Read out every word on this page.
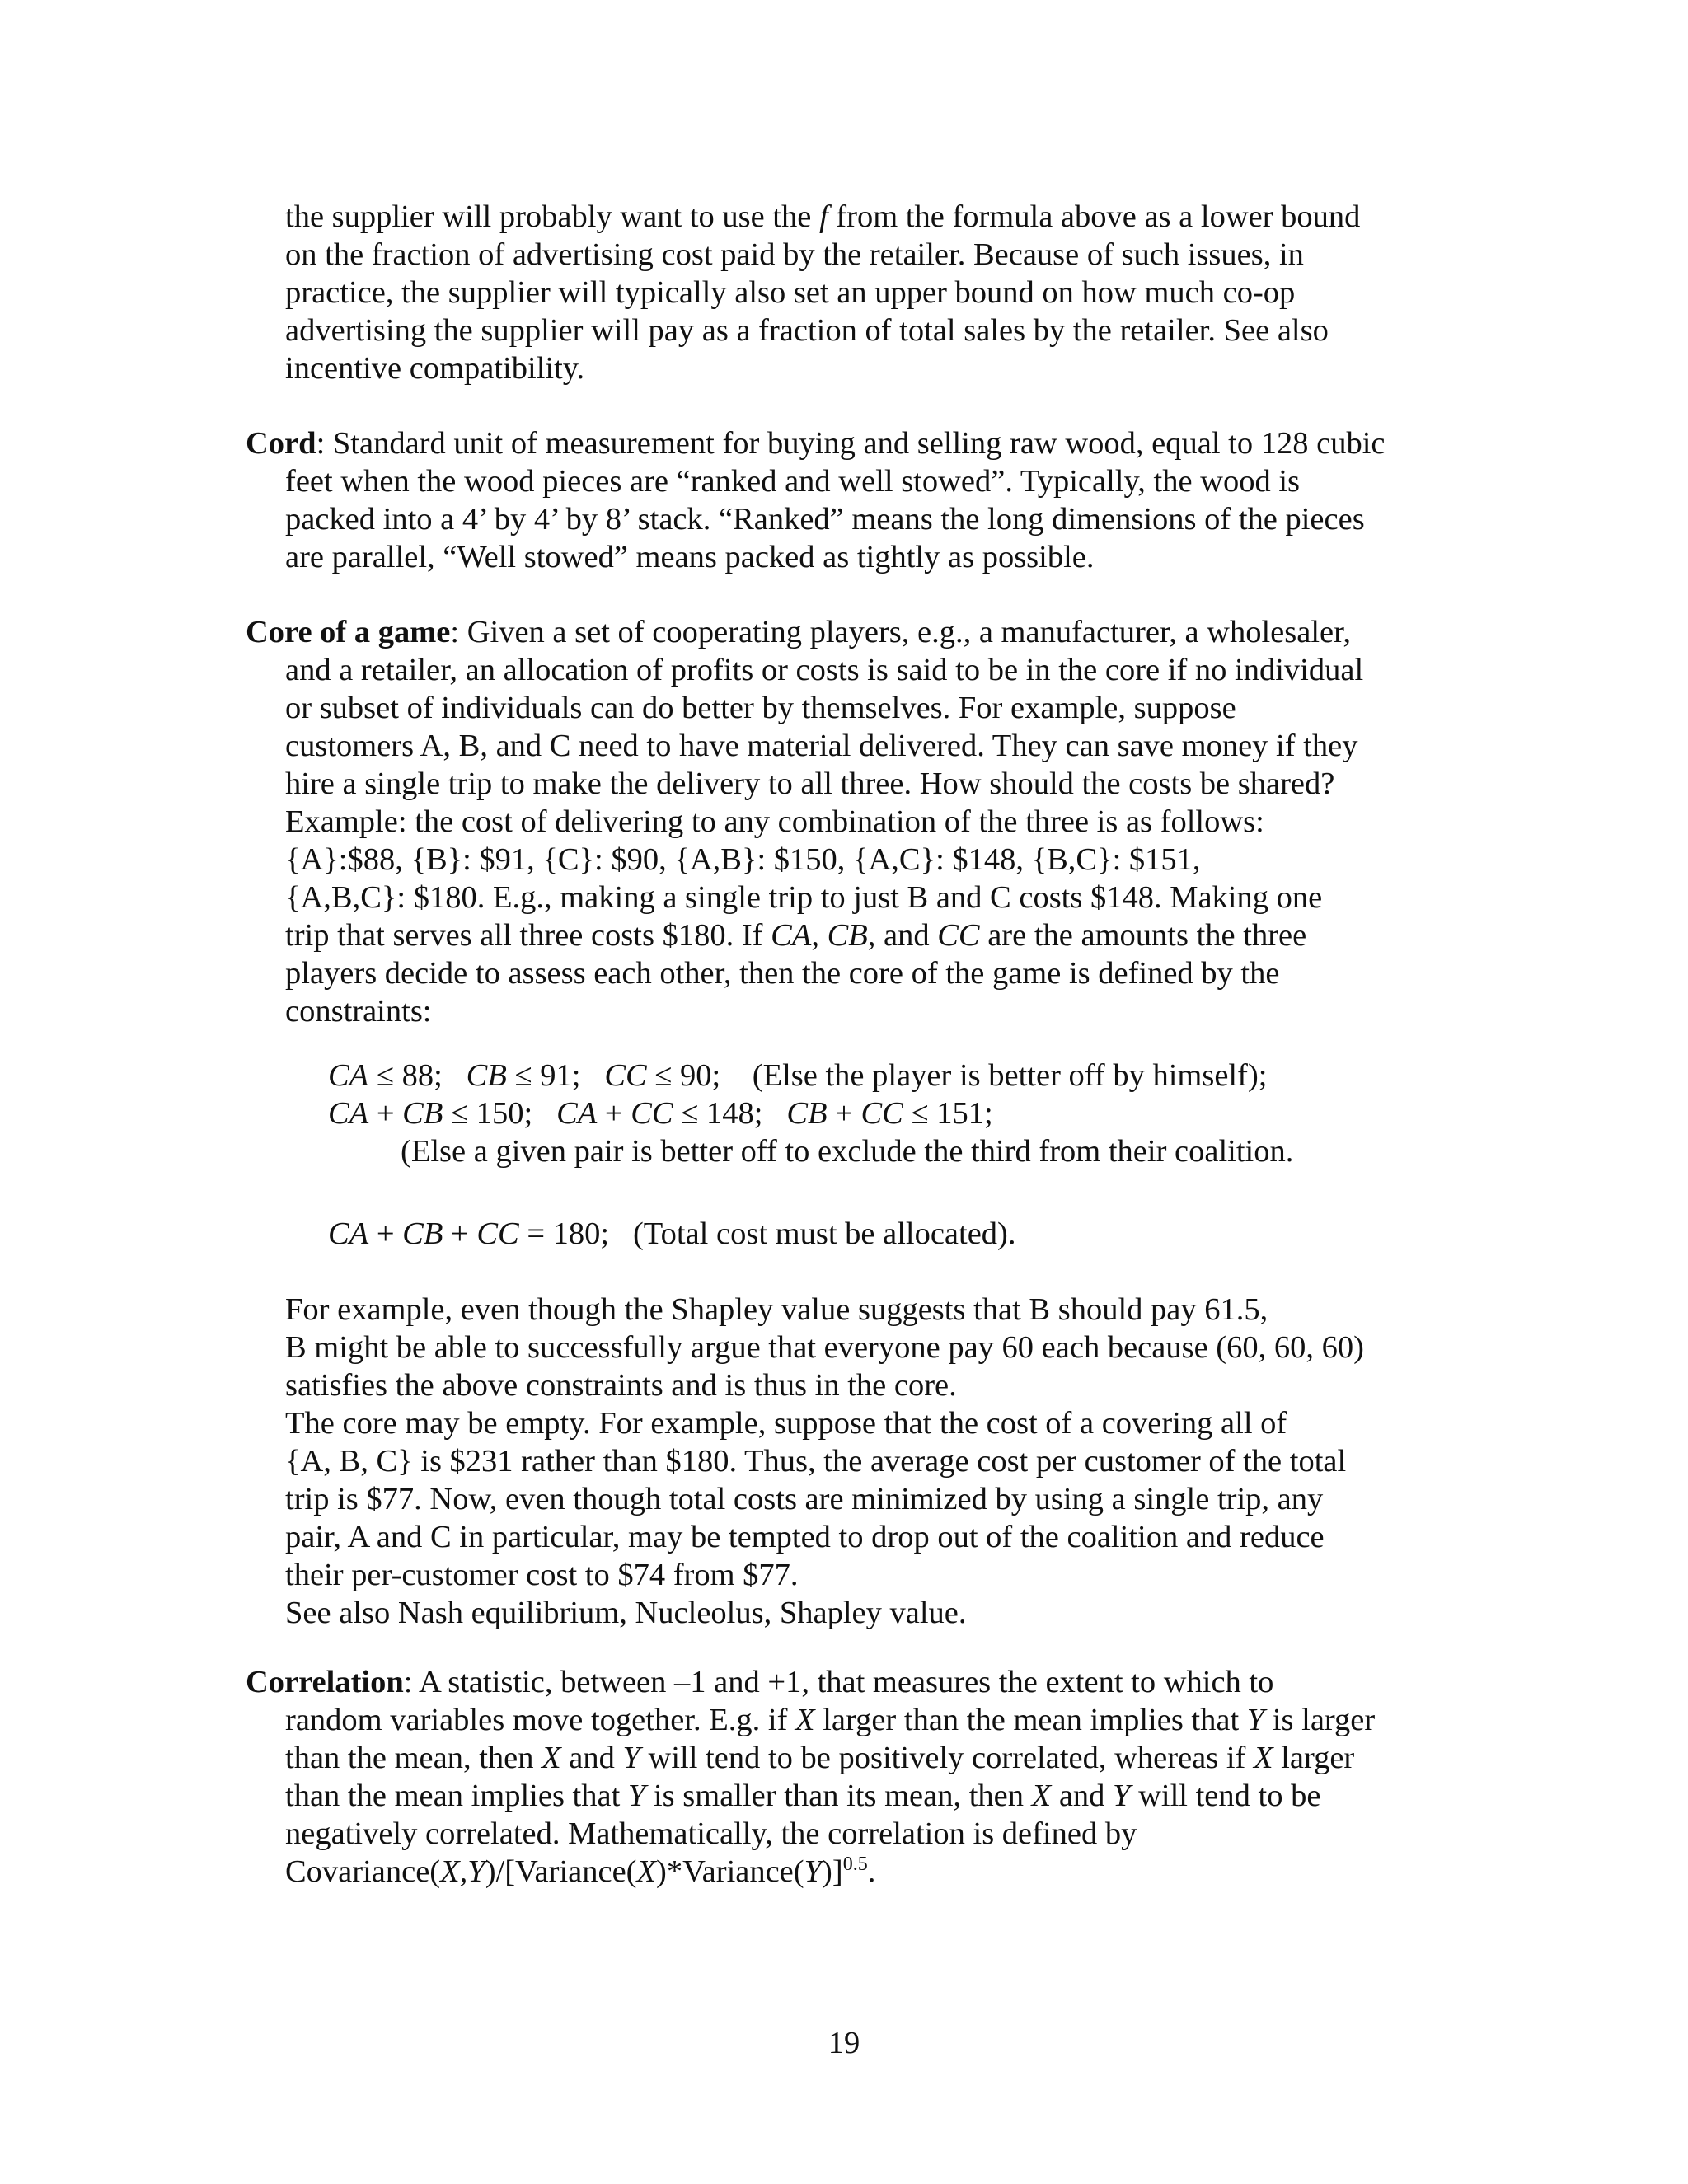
the supplier will probably want to use the f from the formula above as a lower bound
on the fraction of advertising cost paid by the retailer. Because of such issues, in
practice, the supplier will typically also set an upper bound on how much co-op
advertising the supplier will pay as a fraction of total sales by the retailer. See also
incentive compatibility.
Cord: Standard unit of measurement for buying and selling raw wood, equal to 128 cubic
feet when the wood pieces are “ranked and well stowed”. Typically, the wood is
packed into a 4’ by 4’ by 8’ stack. “Ranked” means the long dimensions of the pieces
are parallel, “Well stowed” means packed as tightly as possible.
Core of a game: Given a set of cooperating players, e.g., a manufacturer, a wholesaler,
and a retailer, an allocation of profits or costs is said to be in the core if no individual
or subset of individuals can do better by themselves. For example, suppose
customers A, B, and C need to have material delivered. They can save money if they
hire a single trip to make the delivery to all three. How should the costs be shared?
Example: the cost of delivering to any combination of the three is as follows:
{A}:$88, {B}: $91, {C}: $90, {A,B}: $150, {A,C}: $148, {B,C}: $151,
{A,B,C}: $180. E.g., making a single trip to just B and C costs $148. Making one
trip that serves all three costs $180. If CA, CB, and CC are the amounts the three
players decide to assess each other, then the core of the game is defined by the
constraints:
CA ≤ 88;   CB ≤ 91;   CC ≤ 90;    (Else the player is better off by himself);
CA + CB ≤ 150;   CA + CC ≤ 148;   CB + CC ≤ 151;
(Else a given pair is better off to exclude the third from their coalition.
CA + CB + CC = 180;   (Total cost must be allocated).
For example, even though the Shapley value suggests that B should pay 61.5,
B might be able to successfully argue that everyone pay 60 each because (60, 60, 60)
satisfies the above constraints and is thus in the core.
The core may be empty. For example, suppose that the cost of a covering all of
{A, B, C} is $231 rather than $180. Thus, the average cost per customer of the total
trip is $77. Now, even though total costs are minimized by using a single trip, any
pair, A and C in particular, may be tempted to drop out of the coalition and reduce
their per-customer cost to $74 from $77.
See also Nash equilibrium, Nucleolus, Shapley value.
Correlation: A statistic, between –1 and +1, that measures the extent to which to
random variables move together. E.g. if X larger than the mean implies that Y is larger
than the mean, then X and Y will tend to be positively correlated, whereas if X larger
than the mean implies that Y is smaller than its mean, then X and Y will tend to be
negatively correlated. Mathematically, the correlation is defined by
Covariance(X,Y)/[Variance(X)*Variance(Y)]$^{0.5}$.
19
